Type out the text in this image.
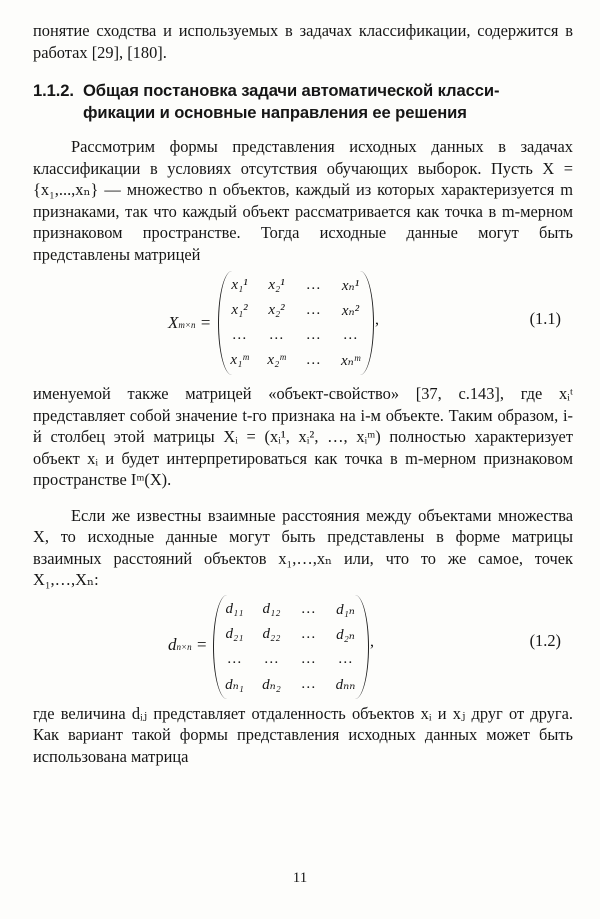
понятие сходства и используемых в задачах классификации, содержится в работах [29], [180].

1.1.2. Общая постановка задачи автоматической класси-
фикации и основные направления ее решения

Рассмотрим формы представления исходных данных в задачах классификации в условиях отсутствия обучающих выборок. Пусть X = {x₁,...,xₙ} — множество n объектов, каждый из которых характеризуется m признаками, так что каждый объект рассматривается как точка в m-мерном признаковом пространстве. Тогда исходные данные могут быть представлены матрицей

Xm×n =
x₁¹	x₂¹	…	xₙ¹
x₁²	x₂²	…	xₙ²
…	…	…	…
x₁ᵐ	x₂ᵐ	…	xₙᵐ
,	(1.1)

именуемой также матрицей «объект-свойство» [37, с.143], где xᵢᵗ представляет собой значение t-го признака на i-м объекте. Таким образом, i-й столбец этой матрицы Xᵢ = (xᵢ¹, xᵢ², …, xᵢᵐ) полностью характеризует объект xᵢ и будет интерпретироваться как точка в m-мерном признаковом пространстве Iᵐ(X).

Если же известны взаимные расстояния между объектами множества X, то исходные данные могут быть представлены в форме матрицы взаимных расстояний объектов x₁,…,xₙ или, что то же самое, точек X₁,…,Xₙ:

dn×n =
d₁₁	d₁₂	…	d₁ₙ
d₂₁	d₂₂	…	d₂ₙ
…	…	…	…
dₙ₁	dₙ₂	…	dₙₙ
,	(1.2)

где величина dᵢⱼ представляет отдаленность объектов xᵢ и xⱼ друг от друга. Как вариант такой формы представления исходных данных может быть использована матрица

11
